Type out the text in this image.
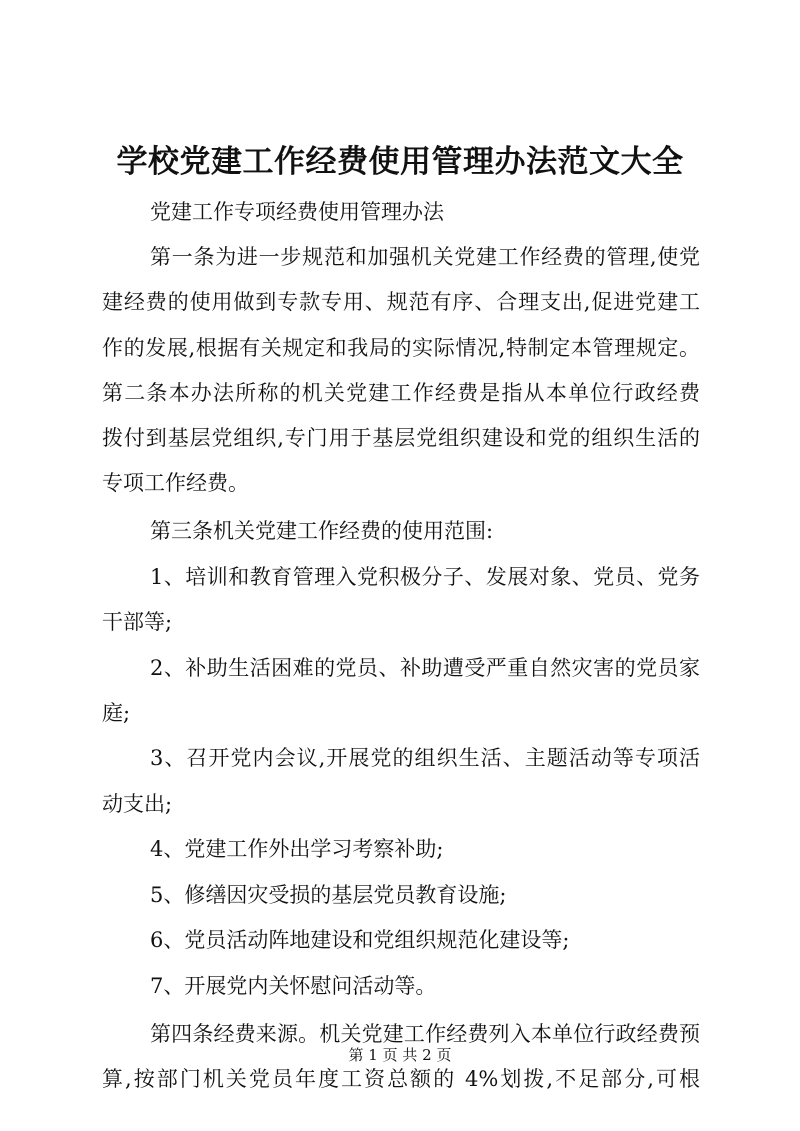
学校党建工作经费使用管理办法范文大全
党建工作专项经费使用管理办法
第一条为进一步规范和加强机关党建工作经费的管理,使党
建经费的使用做到专款专用、规范有序、合理支出,促进党建工
作的发展,根据有关规定和我局的实际情况,特制定本管理规定。
第二条本办法所称的机关党建工作经费是指从本单位行政经费
拨付到基层党组织,专门用于基层党组织建设和党的组织生活的
专项工作经费。
第三条机关党建工作经费的使用范围:
1、培训和教育管理入党积极分子、发展对象、党员、党务
干部等;
2、补助生活困难的党员、补助遭受严重自然灾害的党员家
庭;
3、召开党内会议,开展党的组织生活、主题活动等专项活
动支出;
4、党建工作外出学习考察补助;
5、修缮因灾受损的基层党员教育设施;
6、党员活动阵地建设和党组织规范化建设等;
7、开展党内关怀慰问活动等。
第四条经费来源。机关党建工作经费列入本单位行政经费预
算,按部门机关党员年度工资总额的 4%划拨,不足部分,可根
第 1 页 共 2 页
